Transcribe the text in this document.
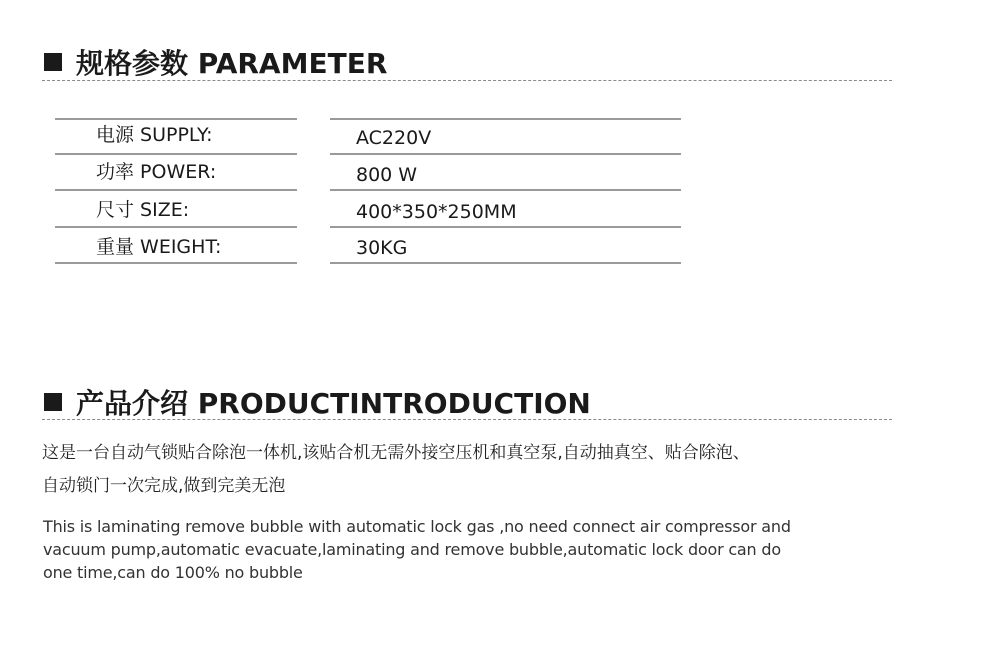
规格参数 PARAMETER
电源 SUPPLY:	AC220V
功率 POWER:	800 W
尺寸 SIZE:	400*350*250MM
重量 WEIGHT:	30KG
产品介绍 PRODUCTINTRODUCTION
这是一台自动气锁贴合除泡一体机,该贴合机无需外接空压机和真空泵,自动抽真空、贴合除泡、
自动锁门一次完成,做到完美无泡
This is laminating remove bubble with automatic lock gas ,no need connect air compressor and
vacuum pump,automatic evacuate,laminating and remove bubble,automatic lock door can do
one time,can do 100% no bubble
